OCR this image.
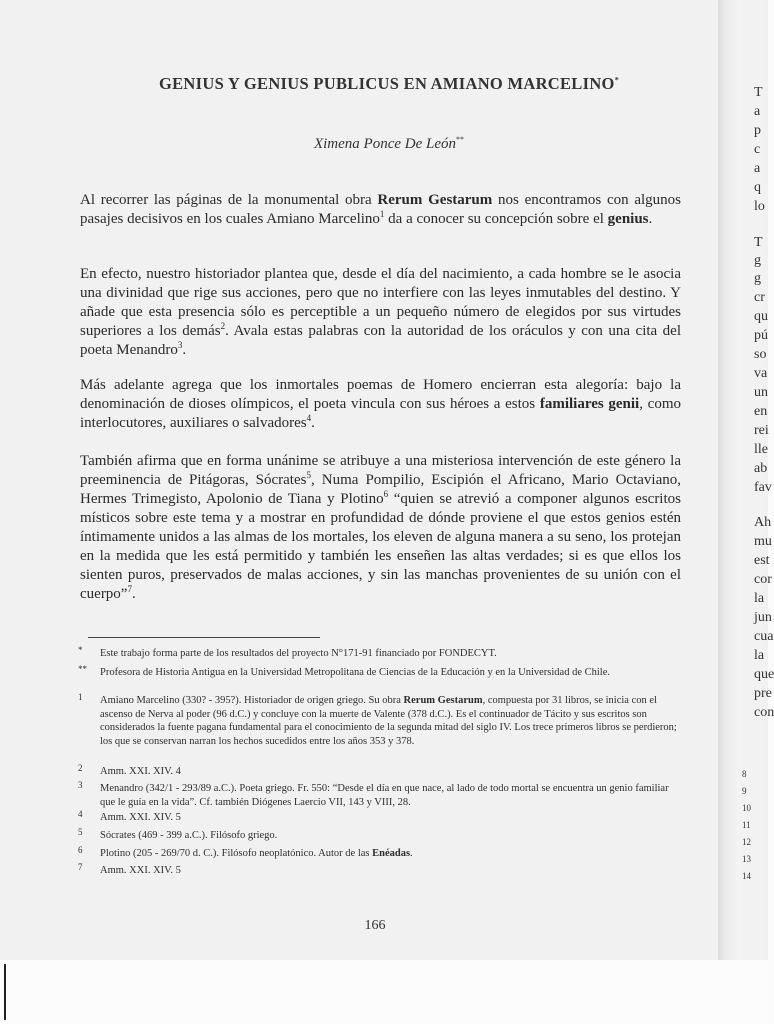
GENIUS Y GENIUS PUBLICUS EN AMIANO MARCELINO*
Ximena Ponce De León**

Al recorrer las páginas de la monumental obra Rerum Gestarum nos encontramos con algunos pasajes decisivos en los cuales Amiano Marcelino$^1$ da a conocer su concepción sobre el genius.

En efecto, nuestro historiador plantea que, desde el día del nacimiento, a cada hombre se le asocia una divinidad que rige sus acciones, pero que no interfiere con las leyes inmutables del destino. Y añade que esta presencia sólo es perceptible a un pequeño número de elegidos por sus virtudes superiores a los demás$^2$. Avala estas palabras con la autoridad de los oráculos y con una cita del poeta Menandro$^3$.

Más adelante agrega que los inmortales poemas de Homero encierran esta alegoría: bajo la denominación de dioses olímpicos, el poeta vincula con sus héroes a estos familiares genii, como interlocutores, auxiliares o salvadores$^4$.

También afirma que en forma unánime se atribuye a una misteriosa intervención de este género la preeminencia de Pitágoras, Sócrates$^5$, Numa Pompilio, Escipión el Africano, Mario Octaviano, Hermes Trimegisto, Apolonio de Tiana y Plotino$^6$ “quien se atrevió a componer algunos escritos místicos sobre este tema y a mostrar en profundidad de dónde proviene el que estos genios estén íntimamente unidos a las almas de los mortales, los eleven de alguna manera a su seno, los protejan en la medida que les está permitido y también les enseñen las altas verdades; si es que ellos los sienten puros, preservados de malas acciones, y sin las manchas provenientes de su unión con el cuerpo”$^7$.

* Este trabajo forma parte de los resultados del proyecto N°171-91 financiado por FONDECYT.
** Profesora de Historia Antigua en la Universidad Metropolitana de Ciencias de la Educación y en la Universidad de Chile.
1 Amiano Marcelino (330? - 395?). Historiador de origen griego. Su obra Rerum Gestarum, compuesta por 31 libros, se inicia con el ascenso de Nerva al poder (96 d.C.) y concluye con la muerte de Valente (378 d.C.). Es el continuador de Tácito y sus escritos son considerados la fuente pagana fundamental para el conocimiento de la segunda mitad del siglo IV. Los trece primeros libros se perdieron; los que se conservan narran los hechos sucedidos entre los años 353 y 378.
2 Amm. XXI. XIV. 4
3 Menandro (342/1 - 293/89 a.C.). Poeta griego. Fr. 550: “Desde el día en que nace, al lado de todo mortal se encuentra un genio familiar que le guía en la vida”. Cf. también Diógenes Laercio VII, 143 y VIII, 28.
4 Amm. XXI. XIV. 5
5 Sócrates (469 - 399 a.C.). Filósofo griego.
6 Plotino (205 - 269/70 d. C.). Filósofo neoplatónico. Autor de las Enéadas.
7 Amm. XXI. XIV. 5
166
T
a
p
c
a
q
lo
T
g
g
cr
qu
pú
so
va
un
en
rei
lle
ab
fav
Ah
mu
est
cor
la
jun
cua
la
que
pre
con
8
9
10
11
12
13
14
